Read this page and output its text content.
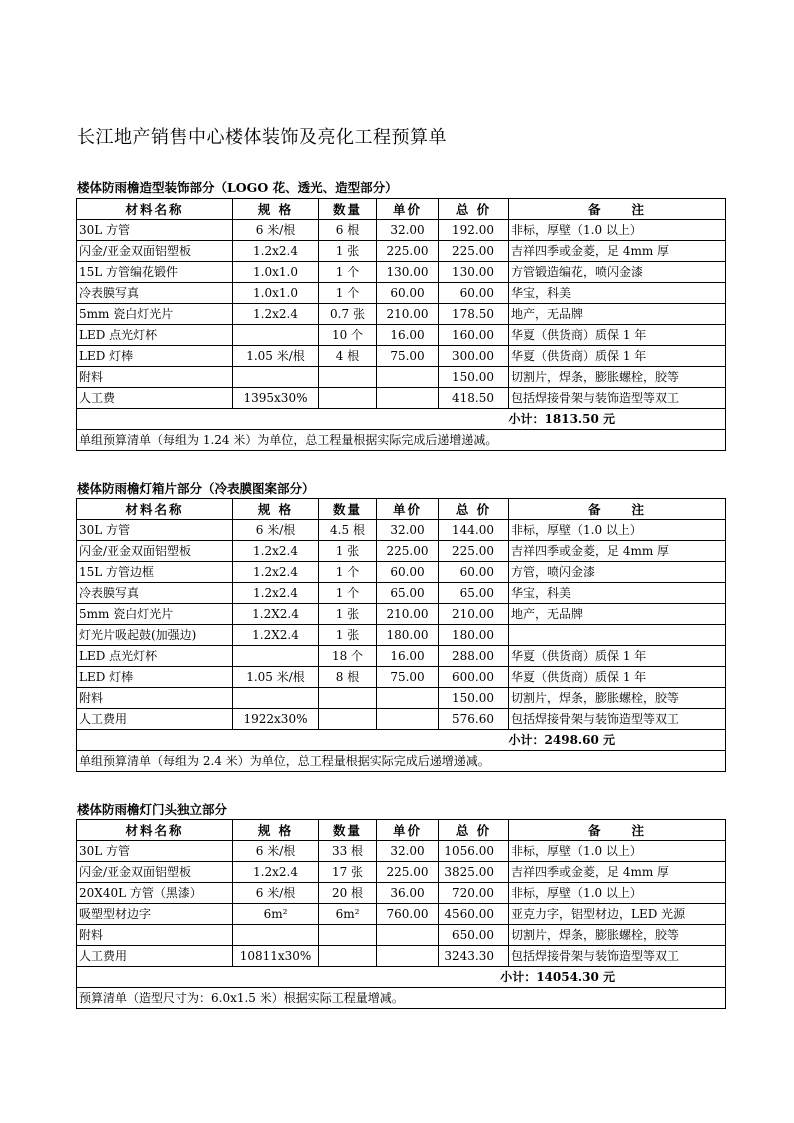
长江地产销售中心楼体装饰及亮化工程预算单
楼体防雨檐造型装饰部分（LOGO 花、透光、造型部分）
材料名称	规 格	数量	单价	总 价	备　　注
30L 方管	6 米/根	6 根	32.00	192.00	非标，厚壁（1.0 以上）
闪金/亚金双面铝塑板	1.2x2.4	1 张	225.00	225.00	吉祥四季或金菱，足 4mm 厚
15L 方管编花锻件	1.0x1.0	1 个	130.00	130.00	方管锻造编花，喷闪金漆
冷表膜写真	1.0x1.0	1 个	60.00	60.00	华宝，科美
5mm 瓷白灯光片	1.2x2.4	0.7 张	210.00	178.50	地产，无品牌
LED 点光灯杯		10 个	16.00	160.00	华夏（供货商）质保 1 年
LED 灯棒	1.05 米/根	4 根	75.00	300.00	华夏（供货商）质保 1 年
附料				150.00	切割片，焊条，膨胀螺栓，胶等
人工费	1395x30%			418.50	包括焊接骨架与装饰造型等双工
小计：1813.50 元					
单组预算清单（每组为 1.24 米）为单位，总工程量根据实际完成后递增递减。					
楼体防雨檐灯箱片部分（冷表膜图案部分）
材料名称	规 格	数量	单价	总 价	备　　注
30L 方管	6 米/根	4.5 根	32.00	144.00	非标，厚壁（1.0 以上）
闪金/亚金双面铝塑板	1.2x2.4	1 张	225.00	225.00	吉祥四季或金菱，足 4mm 厚
15L 方管边框	1.2x2.4	1 个	60.00	60.00	方管，喷闪金漆
冷表膜写真	1.2x2.4	1 个	65.00	65.00	华宝，科美
5mm 瓷白灯光片	1.2X2.4	1 张	210.00	210.00	地产，无品牌
灯光片吸起鼓(加强边)	1.2X2.4	1 张	180.00	180.00	
LED 点光灯杯		18 个	16.00	288.00	华夏（供货商）质保 1 年
LED 灯棒	1.05 米/根	8 根	75.00	600.00	华夏（供货商）质保 1 年
附料				150.00	切割片，焊条，膨胀螺栓，胶等
人工费用	1922x30%			576.60	包括焊接骨架与装饰造型等双工
小计：2498.60 元					
单组预算清单（每组为 2.4 米）为单位，总工程量根据实际完成后递增递减。					
楼体防雨檐灯门头独立部分
材料名称	规 格	数量	单价	总 价	备　　注
30L 方管	6 米/根	33 根	32.00	1056.00	非标，厚壁（1.0 以上）
闪金/亚金双面铝塑板	1.2x2.4	17 张	225.00	3825.00	吉祥四季或金菱，足 4mm 厚
20X40L 方管（黑漆）	6 米/根	20 根	36.00	720.00	非标，厚壁（1.0 以上）
吸塑型材边字	6m²	6m²	760.00	4560.00	亚克力字，铝型材边，LED 光源
附料				650.00	切割片，焊条，膨胀螺栓，胶等
人工费用	10811x30%			3243.30	包括焊接骨架与装饰造型等双工
小计：14054.30 元					
预算清单（造型尺寸为：6.0x1.5 米）根据实际工程量增减。					
